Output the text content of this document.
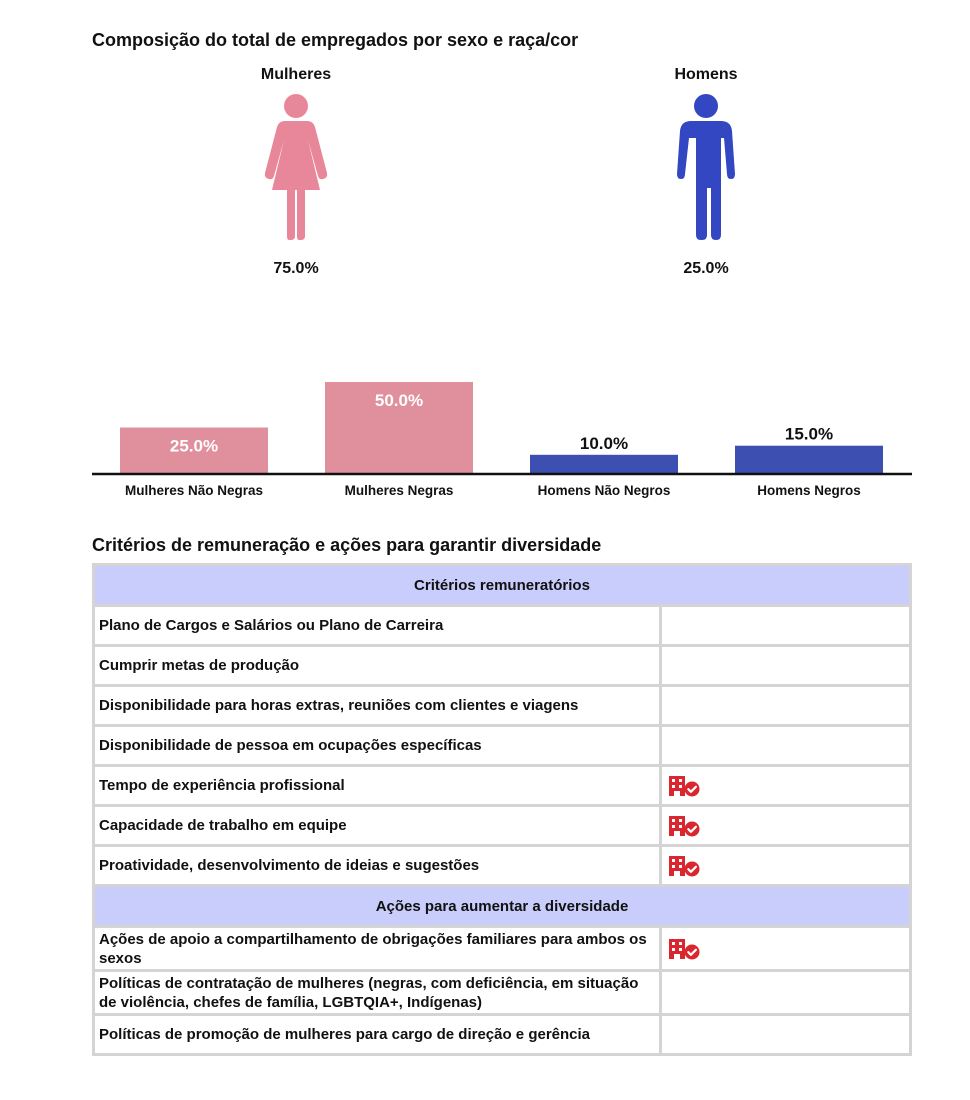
Composição do total de empregados por sexo e raça/cor
Mulheres
75.0%
Homens
25.0%
25.0%
50.0%
10.0%	15.0%
Mulheres Não Negras	Mulheres Negras	Homens Não Negros	Homens Negros
Critérios de remuneração e ações para garantir diversidade
Critérios remuneratórios	
Plano de Cargos e Salários ou Plano de Carreira	
Cumprir metas de produção	
Disponibilidade para horas extras, reuniões com clientes e viagens	
Disponibilidade de pessoa em ocupações específicas	
Tempo de experiência profissional	
Capacidade de trabalho em equipe	
Proatividade, desenvolvimento de ideias e sugestões	
Ações para aumentar a diversidade	
Ações de apoio a compartilhamento de obrigações familiares para ambos os sexos	
Políticas de contratação de mulheres (negras, com deficiência, em situação de violência, chefes de família, LGBTQIA+, Indígenas)	
Políticas de promoção de mulheres para cargo de direção e gerência	
